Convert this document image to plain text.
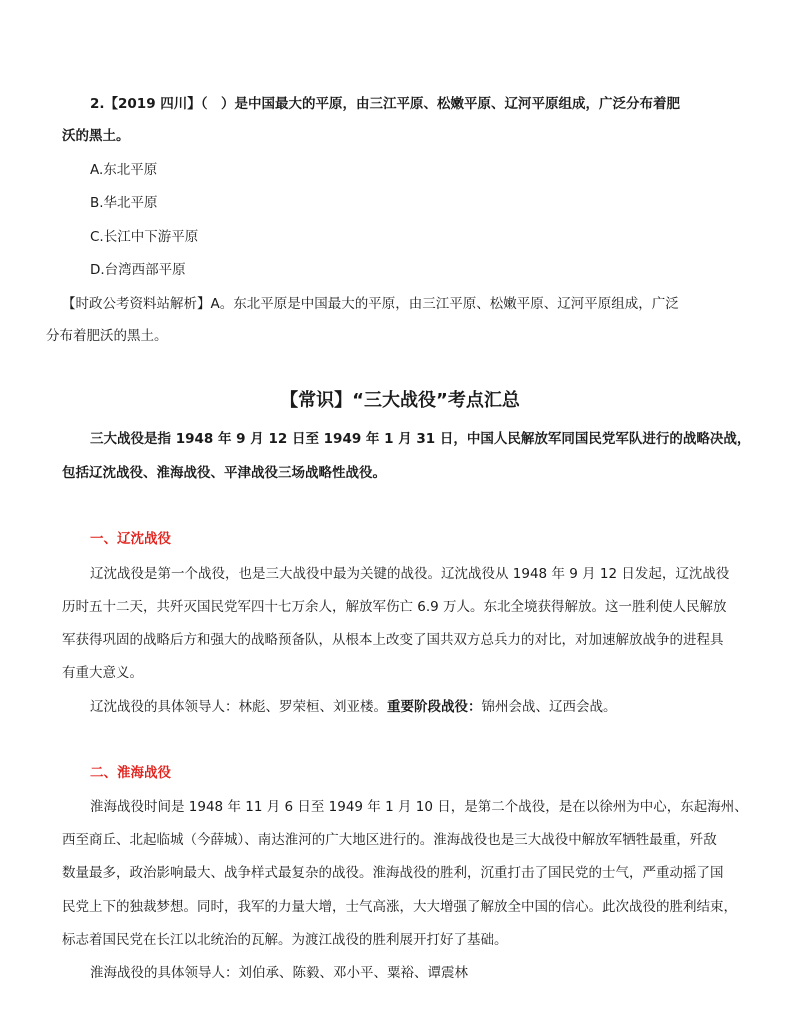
2.【2019 四川】（　）是中国最大的平原，由三江平原、松嫩平原、辽河平原组成，广泛分布着肥
沃的黑土。
A.东北平原
B.华北平原
C.长江中下游平原
D.台湾西部平原
【时政公考资料站解析】A。东北平原是中国最大的平原，由三江平原、松嫩平原、辽河平原组成，广泛
分布着肥沃的黑土。
【常识】“三大战役”考点汇总
三大战役是指 1948 年 9 月 12 日至 1949 年 1 月 31 日，中国人民解放军同国民党军队进行的战略决战，
包括辽沈战役、淮海战役、平津战役三场战略性战役。
一、辽沈战役
辽沈战役是第一个战役，也是三大战役中最为关键的战役。辽沈战役从 1948 年 9 月 12 日发起，辽沈战役
历时五十二天，共歼灭国民党军四十七万余人，解放军伤亡 6.9 万人。东北全境获得解放。这一胜利使人民解放
军获得巩固的战略后方和强大的战略预备队，从根本上改变了国共双方总兵力的对比，对加速解放战争的进程具
有重大意义。
辽沈战役的具体领导人：林彪、罗荣桓、刘亚楼。重要阶段战役：锦州会战、辽西会战。
二、淮海战役
淮海战役时间是 1948 年 11 月 6 日至 1949 年 1 月 10 日，是第二个战役，是在以徐州为中心，东起海州、
西至商丘、北起临城（今薛城）、南达淮河的广大地区进行的。淮海战役也是三大战役中解放军牺牲最重，歼敌
数量最多，政治影响最大、战争样式最复杂的战役。淮海战役的胜利，沉重打击了国民党的士气，严重动摇了国
民党上下的独裁梦想。同时，我军的力量大增，士气高涨，大大增强了解放全中国的信心。此次战役的胜利结束，
标志着国民党在长江以北统治的瓦解。为渡江战役的胜利展开打好了基础。
淮海战役的具体领导人：刘伯承、陈毅、邓小平、粟裕、谭震林
